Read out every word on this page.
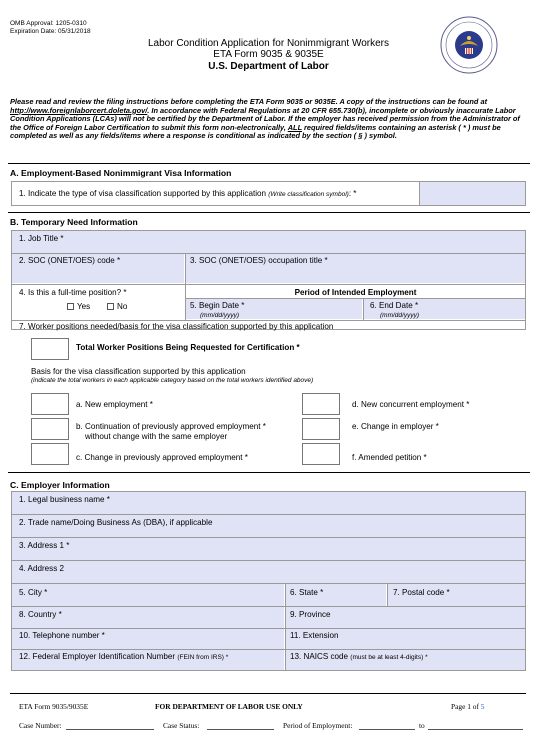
OMB Approval: 1205-0310
Expiration Date: 05/31/2018
Labor Condition Application for Nonimmigrant Workers
ETA Form 9035 & 9035E
U.S. Department of Labor
Please read and review the filing instructions before completing the ETA Form 9035 or 9035E. A copy of the instructions can be found at http://www.foreignlaborcert.doleta.gov/. In accordance with Federal Regulations at 20 CFR 655.730(b), incomplete or obviously inaccurate Labor Condition Applications (LCAs) will not be certified by the Department of Labor. If the employer has received permission from the Administrator of the Office of Foreign Labor Certification to submit this form non-electronically, ALL required fields/items containing an asterisk ( * ) must be completed as well as any fields/items where a response is conditional as indicated by the section ( § ) symbol.
A. Employment-Based Nonimmigrant Visa Information
1. Indicate the type of visa classification supported by this application (Write classification symbol): *
B. Temporary Need Information
1. Job Title *
2. SOC (ONET/OES) code *	3. SOC (ONET/OES) occupation title *
4. Is this a full-time position? *
Yes	No
Period of Intended Employment
5. Begin Date *
(mm/dd/yyyy)
6. End Date *
(mm/dd/yyyy)
7. Worker positions needed/basis for the visa classification supported by this application
Total Worker Positions Being Requested for Certification *
Basis for the visa classification supported by this application
(indicate the total workers in each applicable category based on the total workers identified above)
a. New employment *
b. Continuation of previously approved employment *
without change with the same employer
c. Change in previously approved employment *
d. New concurrent employment *
e. Change in employer *
f. Amended petition *
C. Employer Information
1. Legal business name *
2. Trade name/Doing Business As (DBA), if applicable
3. Address 1 *
4. Address 2
5. City *	6. State *	7. Postal code *
8. Country *	9. Province
10. Telephone number *	11. Extension
12. Federal Employer Identification Number (FEIN from IRS) *	13. NAICS code (must be at least 4-digits) *
ETA Form 9035/9035E	FOR DEPARTMENT OF LABOR USE ONLY	Page 1 of 5
Case Number:	Case Status:	Period of Employment:	to
